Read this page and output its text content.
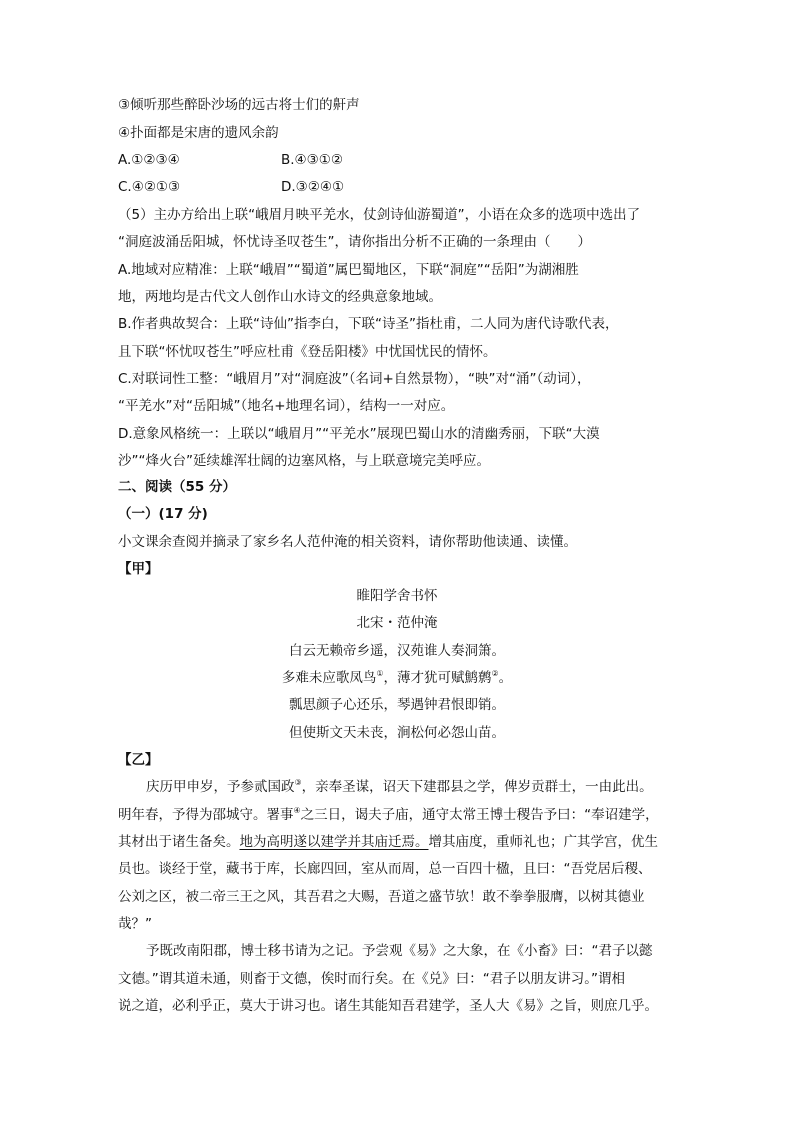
③倾听那些醉卧沙场的远古将士们的鼾声
④扑面都是宋唐的遗风余韵
A.①②③④	B.④③①②
C.④②①③	D.③②④①
（5）主办方给出上联“峨眉月映平羌水，仗剑诗仙游蜀道”，小语在众多的选项中选出了
“洞庭波涌岳阳城，怀忧诗圣叹苍生”，请你指出分析不正确的一条理由（　　）
A.地域对应精准：上联“峨眉”“蜀道”属巴蜀地区，下联“洞庭”“岳阳”为湖湘胜
地，两地均是古代文人创作山水诗文的经典意象地域。
B.作者典故契合：上联“诗仙”指李白，下联“诗圣”指杜甫，二人同为唐代诗歌代表，
且下联“怀忧叹苍生”呼应杜甫《登岳阳楼》中忧国忧民的情怀。
C.对联词性工整：“峨眉月”对“洞庭波”（名词+自然景物），“映”对“涌”（动词），
“平羌水”对“岳阳城”（地名+地理名词），结构一一对应。
D.意象风格统一：上联以“峨眉月”“平羌水”展现巴蜀山水的清幽秀丽，下联“大漠
沙”“烽火台”延续雄浑壮阔的边塞风格，与上联意境完美呼应。
二、阅读（55 分）
（一）(17 分)
小文课余查阅并摘录了家乡名人范仲淹的相关资料，请你帮助他读通、读懂。
【甲】
睢阳学舍书怀
北宋・范仲淹
白云无赖帝乡遥，汉苑谁人奏洞箫。
多难未应歌凤鸟①，薄才犹可赋鹪鹩②。
瓢思颜子心还乐，琴遇钟君恨即销。
但使斯文天未丧，涧松何必怨山苗。
【乙】
庆历甲申岁，予参贰国政③，亲奉圣谋，诏天下建郡县之学，俾岁贡群士，一由此出。
明年春，予得为邵城守。署事④之三日，谒夫子庙，通守太常王博士稷告予曰：“奉诏建学，
其材出于诸生备矣。地为高明遂以建学并其庙迁焉。增其庙度，重师礼也；广其学宫，优生
员也。谈经于堂，藏书于库，长廊四回，室从而周，总一百四十楹，且曰：“吾党居后稷、
公刘之区，被二帝三王之风，其吾君之大赐，吾道之盛节欤！敢不拳拳服膺，以树其德业
哉？”
予既改南阳郡，博士移书请为之记。予尝观《易》之大象，在《小畜》曰：“君子以懿
文德。”谓其道未通，则畜于文德，俟时而行矣。在《兑》曰：“君子以朋友讲习。”谓相
说之道，必利乎正，莫大于讲习也。诸生其能知吾君建学，圣人大《易》之旨，则庶几乎。
